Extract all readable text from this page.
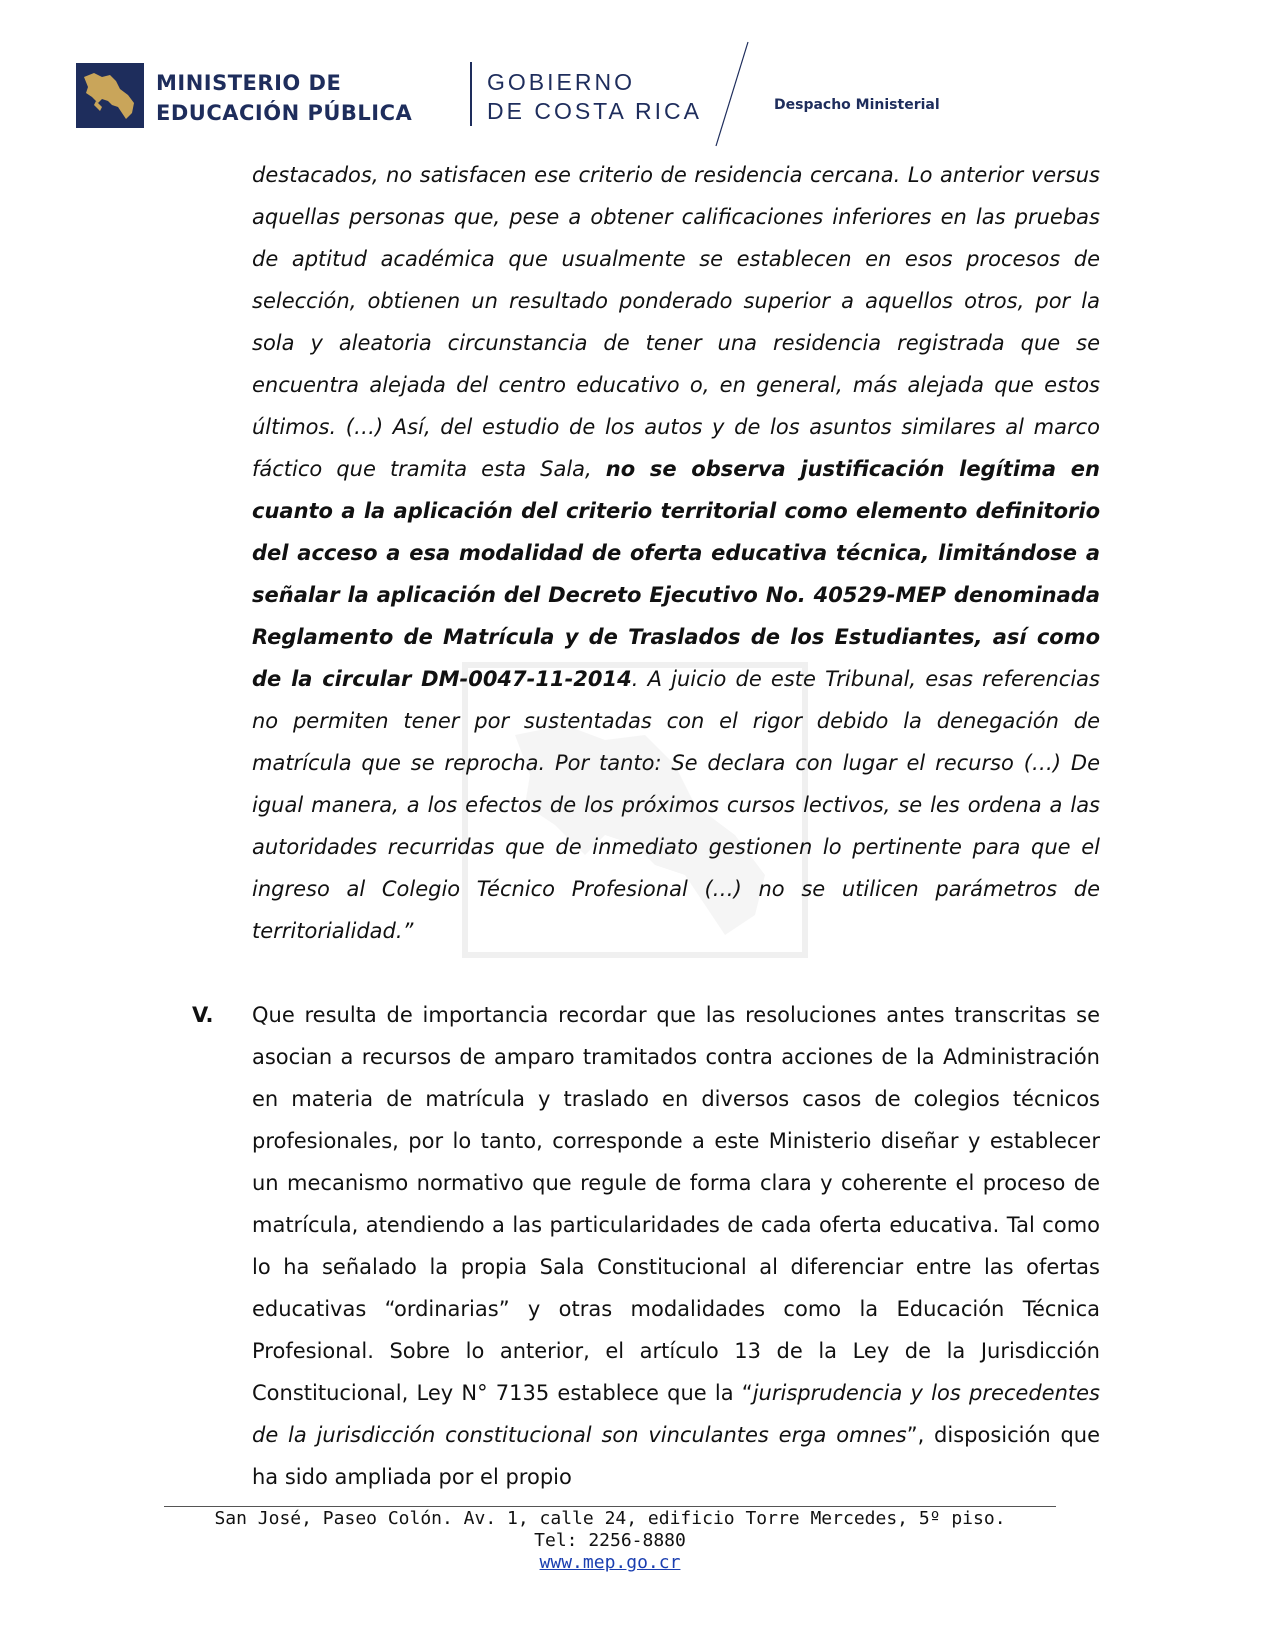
MINISTERIO DE
EDUCACIÓN PÚBLICA
GOBIERNO
DE COSTA RICA	Despacho Ministerial

destacados, no satisfacen ese criterio de residencia cercana. Lo anterior versus aquellas personas que, pese a obtener calificaciones inferiores en las pruebas de aptitud académica que usualmente se establecen en esos procesos de selección, obtienen un resultado ponderado superior a aquellos otros, por la sola y aleatoria circunstancia de tener una residencia registrada que se encuentra alejada del centro educativo o, en general, más alejada que estos últimos. (…) Así, del estudio de los autos y de los asuntos similares al marco fáctico que tramita esta Sala, no se observa justificación legítima en cuanto a la aplicación del criterio territorial como elemento definitorio del acceso a esa modalidad de oferta educativa técnica, limitándose a señalar la aplicación del Decreto Ejecutivo No. 40529-MEP denominada Reglamento de Matrícula y de Traslados de los Estudiantes, así como de la circular DM-0047-11-2014. A juicio de este Tribunal, esas referencias no permiten tener por sustentadas con el rigor debido la denegación de matrícula que se reprocha. Por tanto: Se declara con lugar el recurso (…) De igual manera, a los efectos de los próximos cursos lectivos, se les ordena a las autoridades recurridas que de inmediato gestionen lo pertinente para que el ingreso al Colegio Técnico Profesional (…) no se utilicen parámetros de territorialidad.”

V. Que resulta de importancia recordar que las resoluciones antes transcritas se asocian a recursos de amparo tramitados contra acciones de la Administración en materia de matrícula y traslado en diversos casos de colegios técnicos profesionales, por lo tanto, corresponde a este Ministerio diseñar y establecer un mecanismo normativo que regule de forma clara y coherente el proceso de matrícula, atendiendo a las particularidades de cada oferta educativa. Tal como lo ha señalado la propia Sala Constitucional al diferenciar entre las ofertas educativas “ordinarias” y otras modalidades como la Educación Técnica Profesional. Sobre lo anterior, el artículo 13 de la Ley de la Jurisdicción Constitucional, Ley N° 7135 establece que la “jurisprudencia y los precedentes de la jurisdicción constitucional son vinculantes erga omnes”, disposición que ha sido ampliada por el propio

San José, Paseo Colón. Av. 1, calle 24, edificio Torre Mercedes, 5º piso.
Tel: 2256-8880
www.mep.go.cr
